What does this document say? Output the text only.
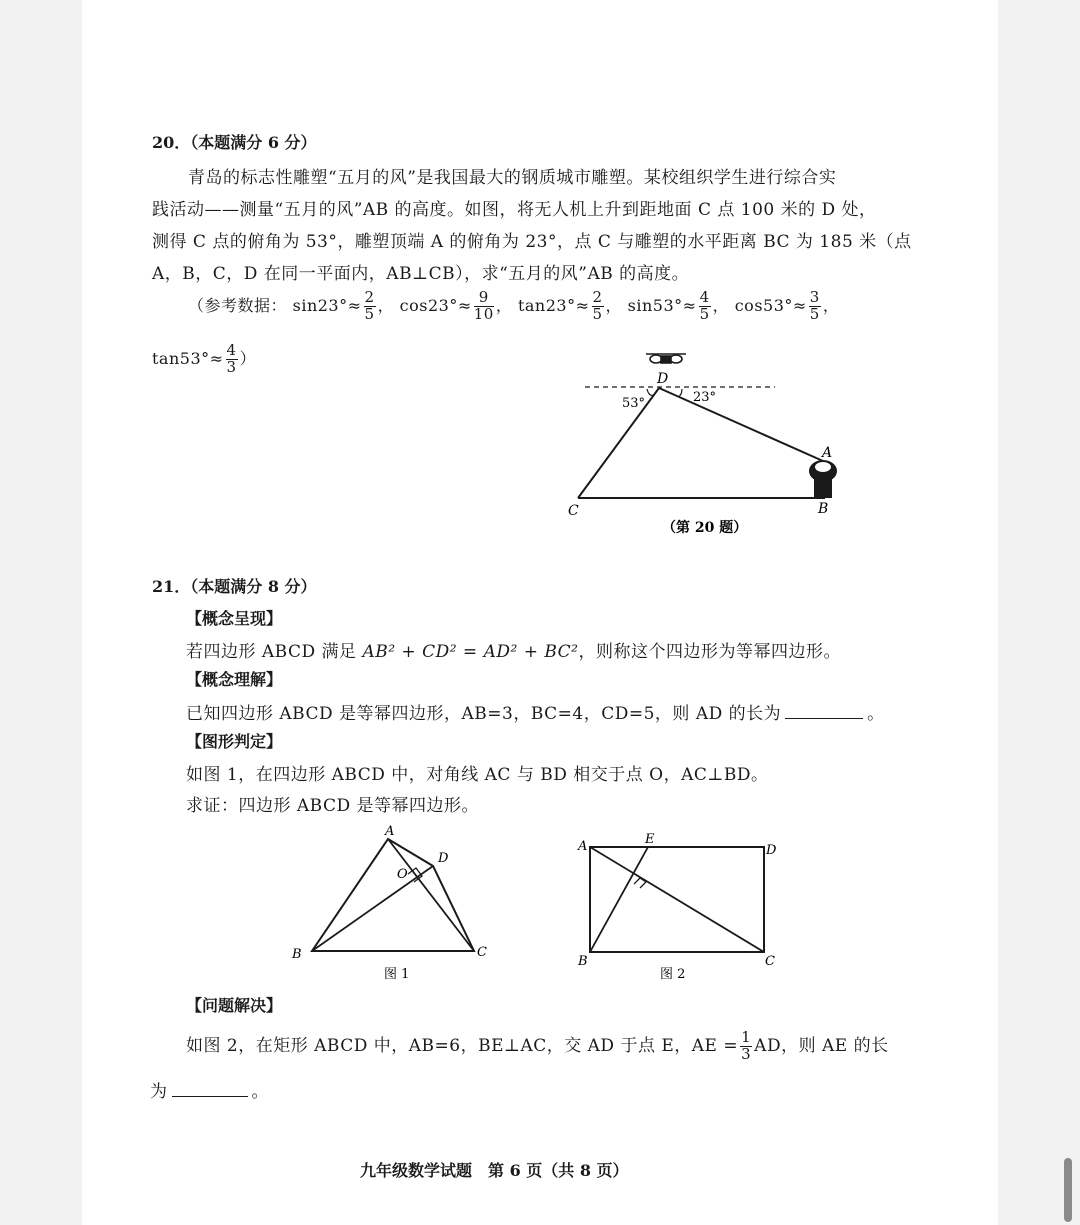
20．（本题满分 6 分）
青岛的标志性雕塑“五月的风”是我国最大的钢质城市雕塑。某校组织学生进行综合实
践活动——测量“五月的风”AB 的高度。如图，将无人机上升到距地面 C 点 100 米的 D 处，
测得 C 点的俯角为 53°，雕塑顶端 A 的俯角为 23°，点 C 与雕塑的水平距离 BC 为 185 米（点
A，B，C，D 在同一平面内，AB⊥CB），求“五月的风”AB 的高度。
（参考数据： $\sin 23^\circ\approx \frac{2}{5}$ ， $\cos 23^\circ\approx \frac{9}{10}$ ， $\tan 23^\circ\approx \frac{2}{5}$ ， $\sin 53^\circ\approx \frac{4}{5}$ ， $\cos 53^\circ\approx \frac{3}{5}$ ，
$\tan 53^\circ\approx \frac{4}{3}$ ）
D
A
C	B
53°	23°
（第 20 题）
21．（本题满分 8 分）
【概念呈现】
若四边形 ABCD 满足 AB² + CD² = AD² + BC²，则称这个四边形为等幂四边形。
【概念理解】
已知四边形 ABCD 是等幂四边形，AB=3，BC=4，CD=5，则 AD 的长为	。
【图形判定】
如图 1，在四边形 ABCD 中，对角线 AC 与 BD 相交于点 O，AC⊥BD。
求证：四边形 ABCD 是等幂四边形。
A
D
O
B	C
图 1
A	E
D
B	C
图 2
【问题解决】
如图 2，在矩形 ABCD 中，AB=6，BE⊥AC，交 AD 于点 E，AE = $\frac{1}{3}$ AD，则 AE 的长
为	。
九年级数学试题　第 6 页（共 8 页）
